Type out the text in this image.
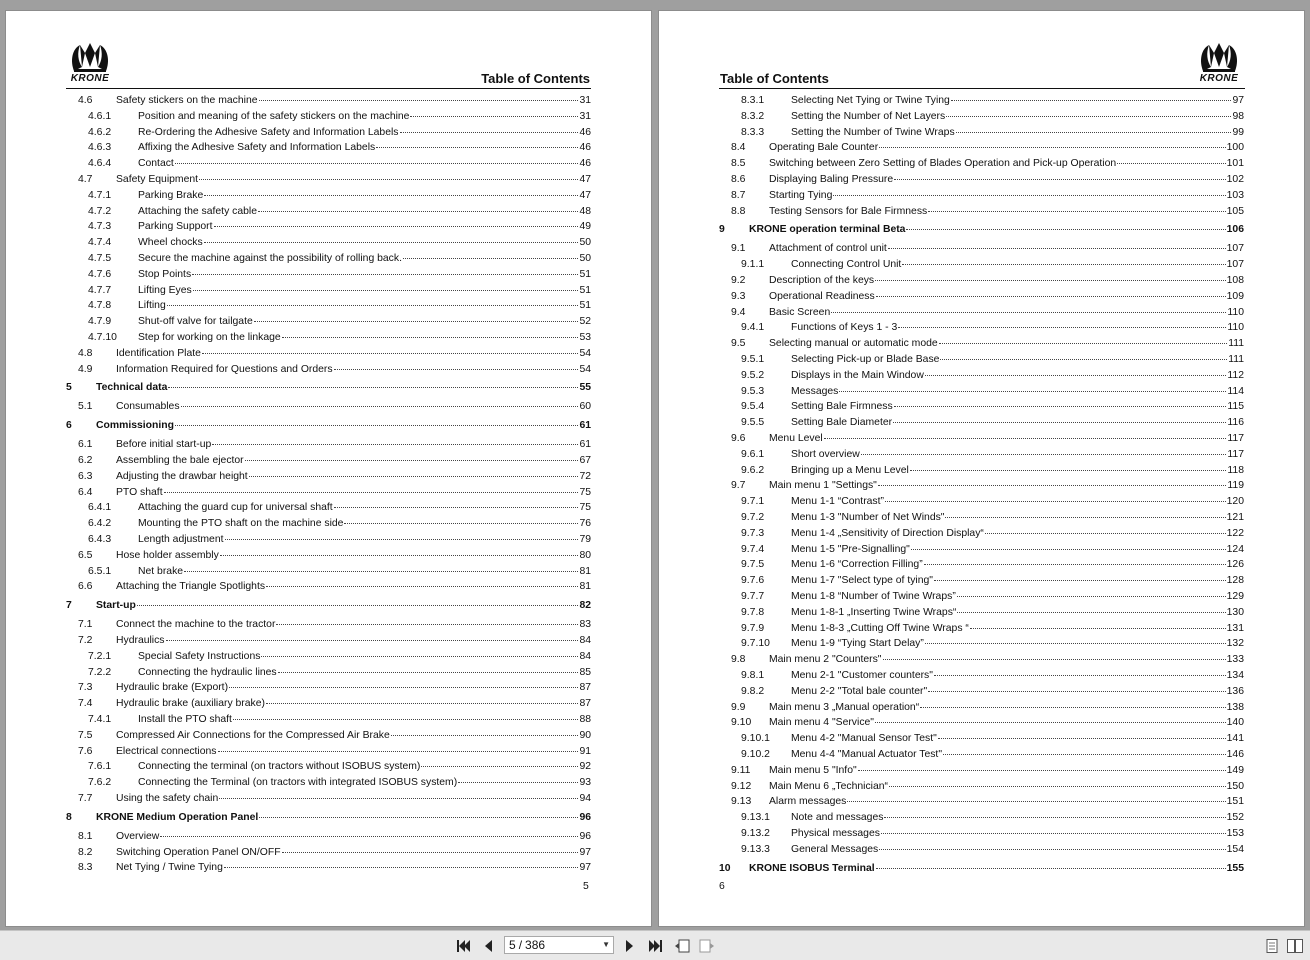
KRONE	Table of Contents
4.6	Safety stickers on the machine	31
4.6.1	Position and meaning of the safety stickers on the machine	31
4.6.2	Re-Ordering the Adhesive Safety and Information Labels	46
4.6.3	Affixing the Adhesive Safety and Information Labels	46
4.6.4	Contact	46
4.7	Safety Equipment	47
4.7.1	Parking Brake	47
4.7.2	Attaching the safety cable	48
4.7.3	Parking Support	49
4.7.4	Wheel chocks	50
4.7.5	Secure the machine against the possibility of rolling back.	50
4.7.6	Stop Points	51
4.7.7	Lifting Eyes	51
4.7.8	Lifting	51
4.7.9	Shut-off valve for tailgate	52
4.7.10	Step for working on the linkage	53
4.8	Identification Plate	54
4.9	Information Required for Questions and Orders	54
5	Technical data	55
5.1	Consumables	60
6	Commissioning	61
6.1	Before initial start-up	61
6.2	Assembling the bale ejector	67
6.3	Adjusting the drawbar height	72
6.4	PTO shaft	75
6.4.1	Attaching the guard cup for universal shaft	75
6.4.2	Mounting the PTO shaft on the machine side	76
6.4.3	Length adjustment	79
6.5	Hose holder assembly	80
6.5.1	Net brake	81
6.6	Attaching the Triangle Spotlights	81
7	Start-up	82
7.1	Connect the machine to the tractor	83
7.2	Hydraulics	84
7.2.1	Special Safety Instructions	84
7.2.2	Connecting the hydraulic lines	85
7.3	Hydraulic brake (Export)	87
7.4	Hydraulic brake (auxiliary brake)	87
7.4.1	Install the PTO shaft	88
7.5	Compressed Air Connections for the Compressed Air Brake	90
7.6	Electrical connections	91
7.6.1	Connecting the terminal (on tractors without ISOBUS system)	92
7.6.2	Connecting the Terminal (on tractors with integrated ISOBUS system)	93
7.7	Using the safety chain	94
8	KRONE Medium Operation Panel	96
8.1	Overview	96
8.2	Switching Operation Panel ON/OFF	97
8.3	Net Tying / Twine Tying	97
5
KRONE
Table of Contents
8.3.1	Selecting Net Tying or Twine Tying	97
8.3.2	Setting the Number of Net Layers	98
8.3.3	Setting the Number of Twine Wraps	99
8.4	Operating Bale Counter	100
8.5	Switching between Zero Setting of Blades Operation and Pick-up Operation	101
8.6	Displaying Baling Pressure	102
8.7	Starting Tying	103
8.8	Testing Sensors for Bale Firmness	105
9	KRONE operation terminal Beta	106
9.1	Attachment of control unit	107
9.1.1	Connecting Control Unit	107
9.2	Description of the keys	108
9.3	Operational Readiness	109
9.4	Basic Screen	110
9.4.1	Functions of Keys 1 - 3	110
9.5	Selecting manual or automatic mode	111
9.5.1	Selecting Pick-up or Blade Base	111
9.5.2	Displays in the Main Window	112
9.5.3	Messages	114
9.5.4	Setting Bale Firmness	115
9.5.5	Setting Bale Diameter	116
9.6	Menu Level	117
9.6.1	Short overview	117
9.6.2	Bringing up a Menu Level	118
9.7	Main menu 1 "Settings"	119
9.7.1	Menu 1-1 “Contrast”	120
9.7.2	Menu 1-3 "Number of Net Winds"	121
9.7.3	Menu 1-4 „Sensitivity of Direction Display“	122
9.7.4	Menu 1-5 "Pre-Signalling"	124
9.7.5	Menu 1-6 “Correction Filling”	126
9.7.6	Menu 1-7 "Select type of tying"	128
9.7.7	Menu 1-8 “Number of Twine Wraps”	129
9.7.8	Menu 1-8-1 „Inserting Twine Wraps“	130
9.7.9	Menu 1-8-3 „Cutting Off Twine Wraps “	131
9.7.10	Menu 1-9 “Tying Start Delay”	132
9.8	Main menu 2 "Counters"	133
9.8.1	Menu 2-1 "Customer counters"	134
9.8.2	Menu 2-2 "Total bale counter"	136
9.9	Main menu 3 „Manual operation“	138
9.10	Main menu 4 "Service"	140
9.10.1	Menu 4-2 "Manual Sensor Test"	141
9.10.2	Menu 4-4 "Manual Actuator Test"	146
9.11	Main menu 5 "Info"	149
9.12	Main Menu 6 „Technician“	150
9.13	Alarm messages	151
9.13.1	Note and messages	152
9.13.2	Physical messages	153
9.13.3	General Messages	154
10	KRONE ISOBUS Terminal	155
6
5 / 386	▼
